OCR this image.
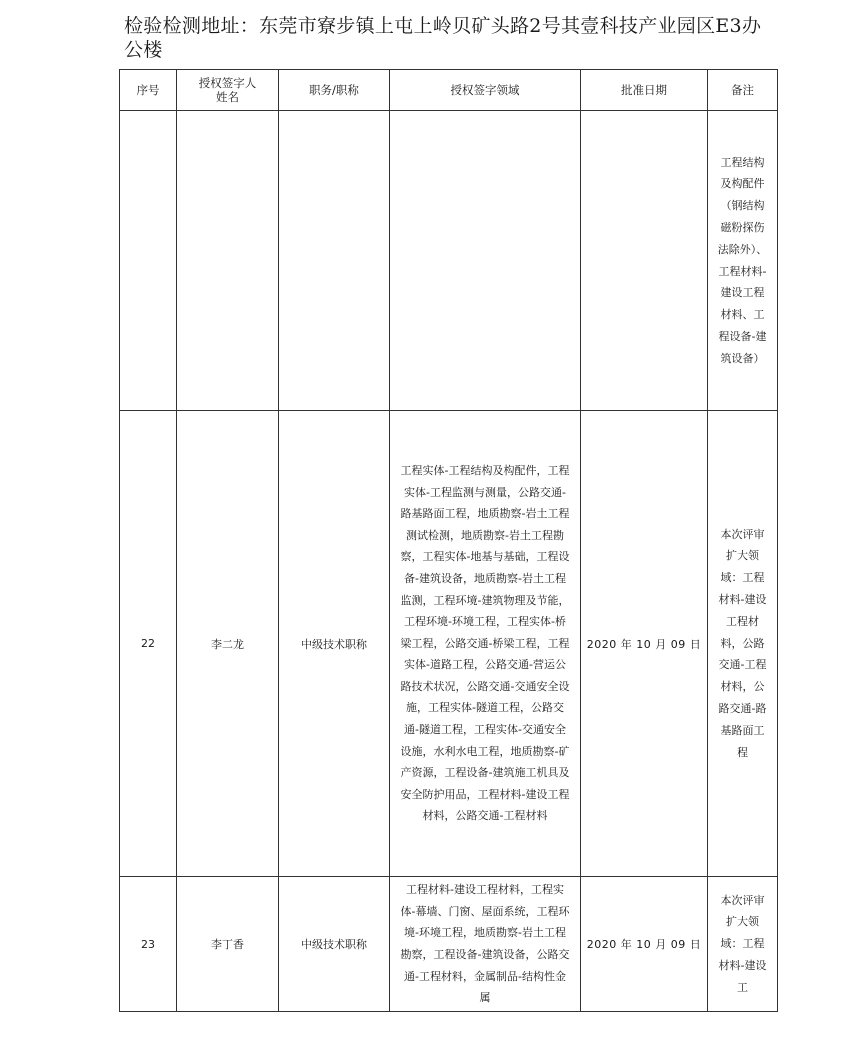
检验检测地址：东莞市寮步镇上屯上岭贝矿头路2号其壹科技产业园区E3办公楼
序号	授权签字人姓名	职务/职称	授权签字领域	批准日期	备注
					工程结构及构配件（钢结构磁粉探伤法除外）、工程材料-建设工程材料、工程设备-建筑设备）
22	李二龙	中级技术职称	工程实体-工程结构及构配件，工程实体-工程监测与测量，公路交通-路基路面工程，地质勘察-岩土工程测试检测，地质勘察-岩土工程勘察，工程实体-地基与基础，工程设备-建筑设备，地质勘察-岩土工程监测，工程环境-建筑物理及节能，工程环境-环境工程，工程实体-桥梁工程，公路交通-桥梁工程，工程实体-道路工程，公路交通-营运公路技术状况，公路交通-交通安全设施，工程实体-隧道工程，公路交通-隧道工程，工程实体-交通安全设施，水利水电工程，地质勘察-矿产资源，工程设备-建筑施工机具及安全防护用品，工程材料-建设工程材料，公路交通-工程材料	2020 年 10 月 09 日	本次评审扩大领域：工程材料-建设工程材料，公路交通-工程材料，公路交通-路基路面工程
23	李丁香	中级技术职称	工程材料-建设工程材料，工程实体-幕墙、门窗、屋面系统，工程环境-环境工程，地质勘察-岩土工程勘察，工程设备-建筑设备，公路交通-工程材料，金属制品-结构性金属	2020 年 10 月 09 日	本次评审扩大领域：工程材料-建设工
